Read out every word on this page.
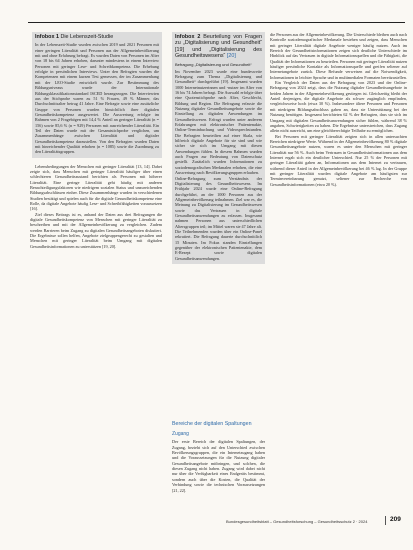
Infobox 1 Die Lebenszeit-Studie

In der Lebenszeit-Studie wurden zwischen 2019 und 2021 Personen mit einer geringen Literalität und Personen aus der Allgemeinbevölkerung mit und ohne Erfahrung befragt. Es wurden Daten von Personen im Alter von 18 bis 64 Jahren erhoben, darunter mindestens in einem Interview Personen mit geringer Lese- und Schreibkompetenz. Die Erhebung erfolgte in persönlichen Interviews. Unter den Befragten wurden die Kompetenzen mit einem kurzen Test gemessen, der im Zusammenhang mit der LEO-Studie entwickelt wurde. Zur Bestimmung des Bildungsniveaus wurde der Internationale Bildungsklassifikationsstandard ISCED herangezogen. Die Interviewten aus der Stichprobe waren zu 51 % Frauen, 49 % Männer, das Durchschnittsalter betrug 41 Jahre. Eine Befragte sowie eine zusätzliche Gruppe von Personen wurden hinsichtlich ihrer digitalen Gesundheitskompetenz ausgewertet. Die Auswertung erfolgte im Rahmen von 2 Fragebögen mit 14,4 % Anteil an geringer Literalität (n = 156) sowie 85,6 % (n = 929) Personen mit ausreichender Literalität. Ein Teil der Daten wurde mit der Gesamtstichprobe verglichen, um Zusammenhänge zwischen Literalität und digitaler Gesundheitskompetenz darzustellen. Von den Befragten wurden Daten mit hinreichender Qualität erhoben (n = 1085) sowie die Zuordnung zu den Literalitätsgruppen.

Lebensbedingungen der Menschen mit geringer Literalität [13, 14]. Dabei zeigte sich, dass Menschen mit geringer Literalität häufiger über einen schlechteren Gesundheitszustand berichten als Personen mit höherer Literalität. Eine geringe Literalität geht häufig mit anderen Benachteiligungsfaktoren wie niedrigem sozialen Status und unzureichenden Bildungsabschlüssen einher. Diese Zusammenhänge wurden in verschiedenen Studien bestätigt und spielen auch für die digitale Gesundheitskompetenz eine Rolle, da digitale Angebote häufig Lese- und Schreibfähigkeiten voraussetzen [16].

Ziel dieses Beitrags ist es, anhand der Daten aus drei Befragungen die digitale Gesundheitskompetenz von Menschen mit geringer Literalität zu beschreiben und mit der Allgemeinbevölkerung zu vergleichen. Zudem werden Barrieren beim Zugang zu digitalen Gesundheitsangeboten diskutiert. Die Ergebnisse sollen helfen, Angebote zielgruppengerecht zu gestalten und Menschen mit geringer Literalität beim Umgang mit digitalen Gesundheitsinformationen zu unterstützen [19, 20].

Infobox 2 Beurteilung von Fragen zu „Digitalisierung und Gesundheit“ [19] und „Digitalisierung des Gesundheitswesens“ [20]
Befragung „Digitalisierung und Gesundheit“

Im November 2023 wurde eine bundesweite Befragung zum Thema „Digitalisierung und Gesundheit“ durchgeführt [19]. Insgesamt wurden 1000 Internetnutzerinnen und -nutzer im Alter von 16 bis 74 Jahren befragt. Die Auswahl erfolgte über eine Quotenstichprobe nach Alter, Geschlecht, Bildung und Region. Die Befragung erfasste die Nutzung digitaler Gesundheitsangebote sowie die Einstellung zu digitalen Anwendungen im Gesundheitswesen. Erfragt wurden unter anderem Erfahrungen mit elektronischer Patientenakte, Online-Terminbuchung und Videosprechstunden. Die Befragten beurteilten auf einer Skala, wie hilfreich digitale Angebote für sie sind und wie sicher sie sich im Umgang mit diesen Anwendungen fühlen. In diesem Rahmen wurden auch Fragen zur Bedeutung von Datenschutz gestellt. Zusätzlich wurden Informationen zu soziodemografischen Merkmalen erhoben, die eine Auswertung nach Bevölkerungsgruppen erlauben.
Online-Befragung zum Verständnis der Digitalisierung des Gesundheitswesens. Im Frühjahr 2024 wurde eine Online-Befragung durchgeführt, an der 1000 Personen aus der Allgemeinbevölkerung teilnahmen. Ziel war es, die Meinung zu Digitalisierung im Gesundheitswesen sowie das Vertrauen in digitale Gesundheitsanwendungen zu erfassen. Insgesamt nahmen Personen aus unterschiedlichen Altersgruppen teil; im Mittel waren sie 47 Jahre alt. Die Teilnehmenden wurden über ein Online-Panel rekrutiert. Die Befragung dauerte durchschnittlich 15 Minuten. Im Fokus standen Einstellungen gegenüber der elektronischen Patientenakte, dem E-Rezept sowie digitalen Gesundheitsanwendungen.

Bereiche der digitalen Spaltungen
Zugang

Der erste Bereich der digitalen Spaltungen, der Zugang, bezieht sich auf den Unterschied zwischen Bevölkerungsgruppen, die ein Internetzugang haben und die Voraussetzungen für die Nutzung digitaler Gesundheitsangebote mitbringen, und solchen, die diesen Zugang nicht haben. Zugang wird dabei nicht nur über die Verfügbarkeit eines Endgeräts bestimmt, sondern auch über die Kosten, die Qualität der Verbindung sowie die technischen Voraussetzungen [21, 22].

die Personen aus der Allgemeinbevölkerung. Die Unterschiede bleiben auch nach Kontrolle soziodemografischer Merkmale bestehen und zeigen, dass Menschen mit geringer Literalität digitale Angebote weniger häufig nutzen. Auch im Bereich der Gesundheitsinformationen zeigen sich deutliche Unterschiede im Hinblick auf das Vertrauen in digitale Informationsquellen und die Fähigkeit, die Qualität der Informationen zu beurteilen. Personen mit geringer Literalität nutzen häufiger persönliche Kontakte als Informationsquelle und greifen seltener auf Internetangebote zurück. Diese Befunde verweisen auf die Notwendigkeit, Informationen in leichter Sprache und in multimedialen Formaten bereitzustellen.

Ein Vergleich der Daten aus der Befragung von 2023 und der Online-Befragung von 2024 zeigt, dass die Nutzung digitaler Gesundheitsangebote in beiden Jahren in der Allgemeinbevölkerung gestiegen ist. Gleichzeitig bleibt der Anteil derjenigen, die digitale Angebote als schwer zugänglich empfinden, vergleichsweise hoch (etwa 30 %). Insbesondere ältere Personen und Personen mit niedrigem Bildungsabschluss gaben an, dass sie Unterstützung bei der Nutzung benötigen. Insgesamt berichteten 62 % der Befragten, dass sie sich im Umgang mit digitalen Gesundheitsanwendungen sicher fühlen, während 38 % angaben, Schwierigkeiten zu haben. Die Ergebnisse unterstreichen, dass Zugang allein nicht ausreicht, um eine gleichberechtigte Teilhabe zu ermöglichen.

Bei Personen mit geringer Literalität zeigten sich in allen untersuchten Bereichen niedrigere Werte. Während in der Allgemeinbevölkerung 80 % digitale Gesundheitsangebote nutzen, waren es unter den Menschen mit geringer Literalität nur 56 %. Auch beim Vertrauen in Gesundheitsinformationen aus dem Internet ergab sich ein deutlicher Unterschied. Nur 25 % der Personen mit geringer Literalität gaben an, Informationen aus dem Internet zu vertrauen, während dieser Anteil in der Allgemeinbevölkerung bei 46 % lag. In der Gruppe mit geringer Literalität wurden digitale Angebote am häufigsten zur Terminvereinbarung genutzt, seltener zur Recherche von Gesundheitsinformationen (etwa 20 %).

Bundesgesundheitsblatt – Gesundheitsforschung – Gesundheitsschutz 2 · 2024	209
